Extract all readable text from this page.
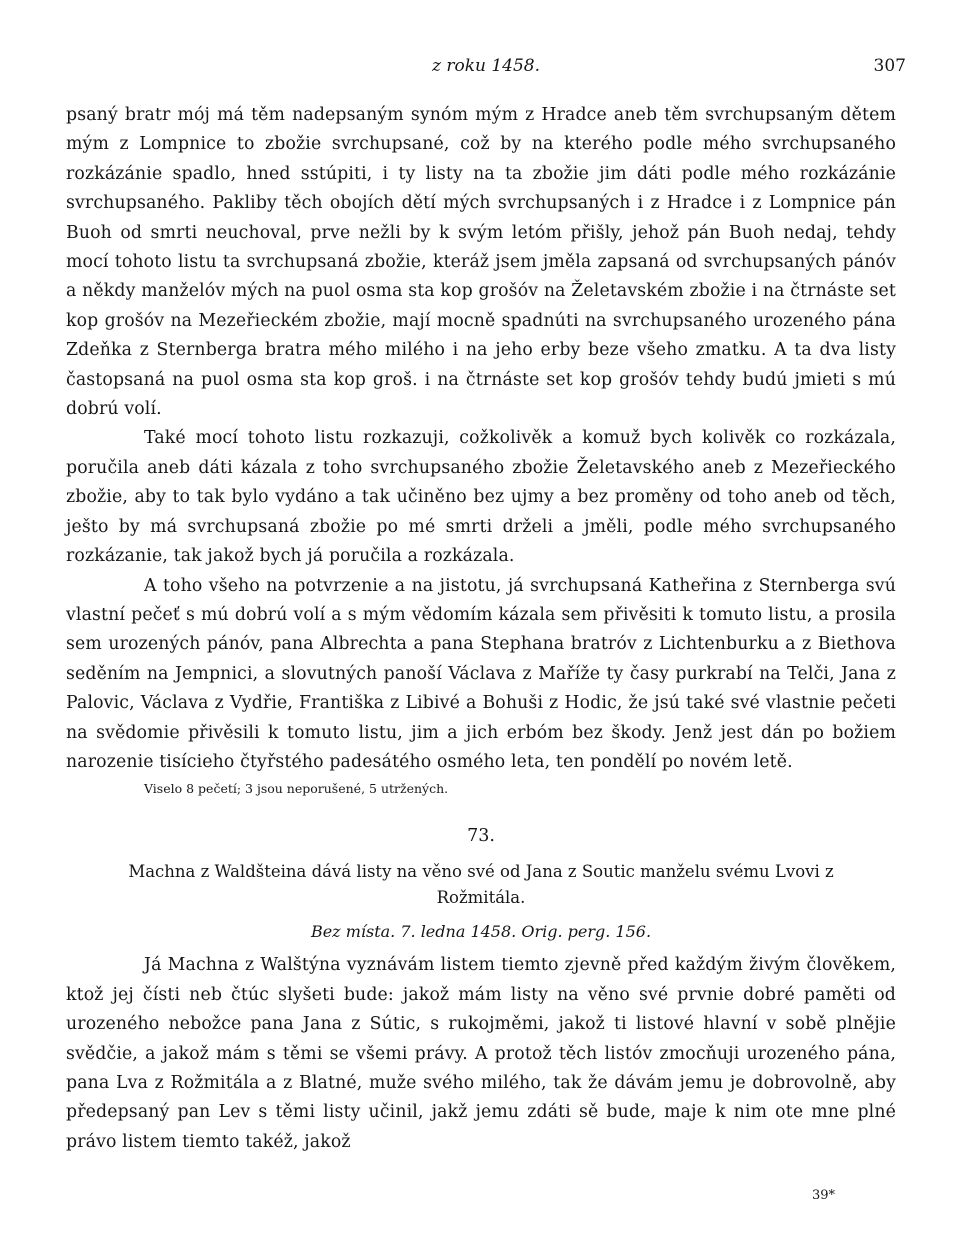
z roku 1458.	307

psaný bratr mój má těm nadepsaným synóm mým z Hradce aneb těm svrchupsaným dětem mým z Lompnice to zbožie svrchupsané, což by na kterého podle mého svrchupsaného rozkázánie spadlo, hned sstúpiti, i ty listy na ta zbožie jim dáti podle mého rozkázánie svrchupsaného. Pakliby těch obojích dětí mých svrchupsaných i z Hradce i z Lompnice pán Buoh od smrti neuchoval, prve nežli by k svým letóm přišly, jehož pán Buoh nedaj, tehdy mocí tohoto listu ta svrchupsaná zbožie, kteráž jsem jměla zapsaná od svrchupsaných pánóv a někdy manželóv mých na puol osma sta kop grošóv na Želetavském zbožie i na čtrnáste set kop grošóv na Mezeřieckém zbožie, mají mocně spadnúti na svrchupsaného urozeného pána Zdeňka z Sternberga bratra mého milého i na jeho erby beze všeho zmatku. A ta dva listy častopsaná na puol osma sta kop groš. i na čtrnáste set kop grošóv tehdy budú jmieti s mú dobrú volí.

Také mocí tohoto listu rozkazuji, cožkolivěk a komuž bych kolivěk co rozkázala, poručila aneb dáti kázala z toho svrchupsaného zbožie Želetavského aneb z Mezeřieckého zbožie, aby to tak bylo vydáno a tak učiněno bez ujmy a bez proměny od toho aneb od těch, ješto by má svrchupsaná zbožie po mé smrti drželi a jměli, podle mého svrchupsaného rozkázanie, tak jakož bych já poručila a rozkázala.

A toho všeho na potvrzenie a na jistotu, já svrchupsaná Katheřina z Sternberga svú vlastní pečeť s mú dobrú volí a s mým vědomím kázala sem přivěsiti k tomuto listu, a prosila sem urozených pánóv, pana Albrechta a pana Stephana bratróv z Lichtenburku a z Biethova seděním na Jempnici, a slovutných panoší Václava z Mařížе ty časy purkrabí na Telči, Jana z Palovic, Václava z Vydřie, Františka z Libivé a Bohuši z Hodic, že jsú také své vlastnie pečeti na svědomie přivěsili k tomuto listu, jim a jich erbóm bez škody. Jenž jest dán po božiem narozenie tisícieho čtyřstého padesátého osmého leta, ten pondělí po novém letě.

Viselo 8 pečetí; 3 jsou neporušené, 5 utržených.
73.
Machna z Waldšteina dává listy na věno své od Jana z Soutic manželu svému Lvovi z Rožmitála.
Bez místa. 7. ledna 1458. Orig. perg. 156.

Já Machna z Walštýna vyznávám listem tiemto zjevně před každým živým člověkem, ktož jej čísti neb čtúc slyšeti bude: jakož mám listy na věno své prvnie dobré paměti od urozeného nebožce pana Jana z Sútic, s rukojměmi, jakož ti listové hlavní v sobě plnějie svědčie, a jakož mám s těmi se všemi právy. A protož těch listóv zmocňuji urozeného pána, pana Lva z Rožmitála a z Blatné, muže svého milého, tak že dávám jemu je dobrovolně, aby předepsaný pan Lev s těmi listy učinil, jakž jemu zdáti sě bude, maje k nim ote mne plné právo listem tiemto takéž, jakož

39*
